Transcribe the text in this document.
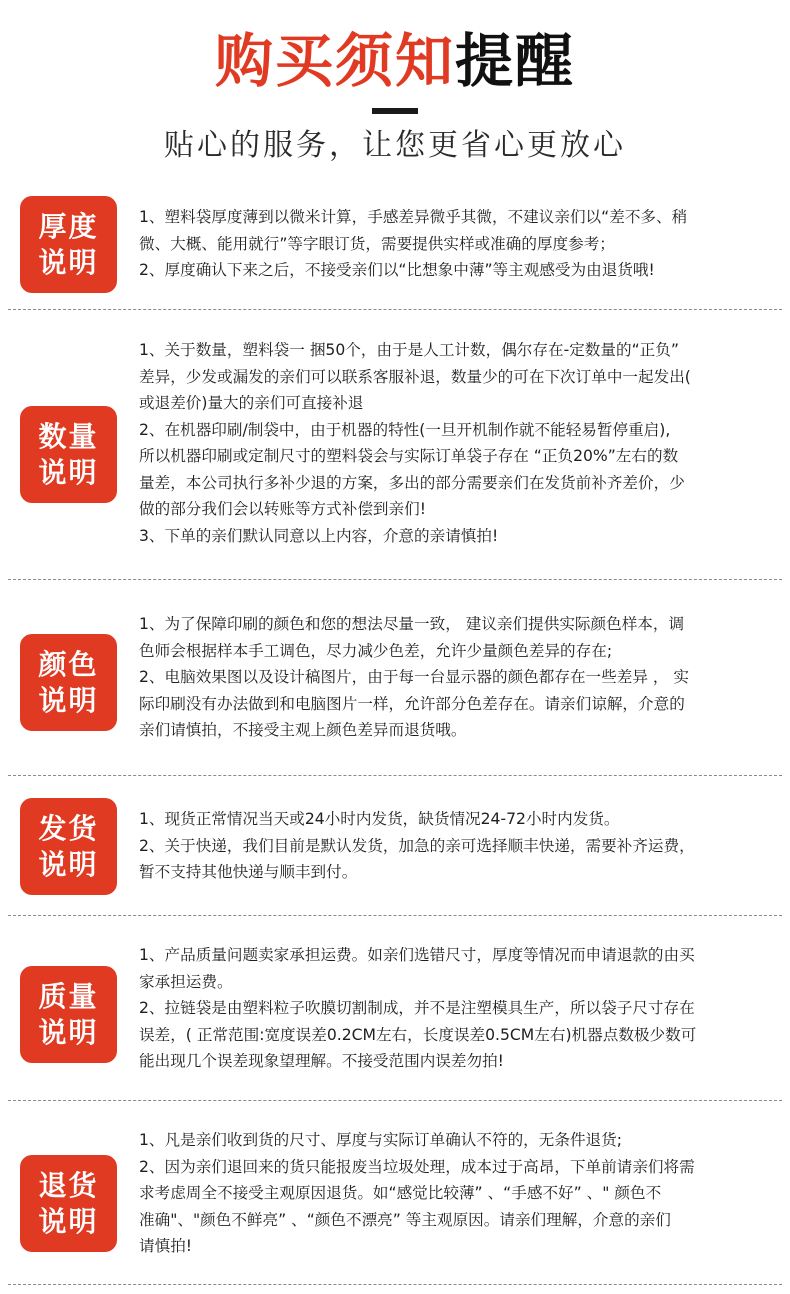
购买须知提醒
贴心的服务，让您更省心更放心
厚度
说明
1、塑料袋厚度薄到以微米计算，手感差异微乎其微，不建议亲们以“差不多、稍
微、大概、能用就行”等字眼订货，需要提供实样或准确的厚度参考；
2、厚度确认下来之后，不接受亲们以“比想象中薄”等主观感受为由退货哦!
数量
说明
1、关于数量，塑料袋一 捆50个，由于是人工计数，偶尔存在-定数量的“正负”
差异，少发或漏发的亲们可以联系客服补退，数量少的可在下次订单中一起发出(
或退差价)量大的亲们可直接补退
2、在机器印刷/制袋中，由于机器的特性(一旦开机制作就不能轻易暂停重启),
所以机器印刷或定制尺寸的塑料袋会与实际订单袋子存在 “正负20%”左右的数
量差，本公司执行多补少退的方案，多出的部分需要亲们在发货前补齐差价，少
做的部分我们会以转账等方式补偿到亲们!
3、下单的亲们默认同意以上内容，介意的亲请慎拍!
颜色
说明
1、为了保障印刷的颜色和您的想法尽量一致， 建议亲们提供实际颜色样本，调
色师会根据样本手工调色，尽力减少色差，允许少量颜色差异的存在;
2、电脑效果图以及设计稿图片，由于每一台显示器的颜色都存在一些差异 ， 实
际印刷没有办法做到和电脑图片一样，允许部分色差存在。请亲们谅解，介意的
亲们请慎拍，不接受主观上颜色差异而退货哦。
发货
说明
1、现货正常情况当天或24小时内发货，缺货情况24-72小时内发货。
2、关于快递，我们目前是默认发货，加急的亲可选择顺丰快递，需要补齐运费，
暂不支持其他快递与顺丰到付。
质量
说明
1、产品质量问题卖家承担运费。如亲们选错尺寸，厚度等情况而申请退款的由买
家承担运费。
2、拉链袋是由塑料粒子吹膜切割制成，并不是注塑模具生产，所以袋子尺寸存在
误差，( 正常范围:宽度误差0.2CM左右，长度误差0.5CM左右)机器点数极少数可
能出现几个误差现象望理解。不接受范围内误差勿拍!
退货
说明
1、凡是亲们收到货的尺寸、厚度与实际订单确认不符的，无条件退货;
2、因为亲们退回来的货只能报废当垃圾处理，成本过于高昂，下单前请亲们将需
求考虑周全不接受主观原因退货。如“感觉比较薄” 、“手感不好” 、" 颜色不
准确"、"颜色不鲜亮” 、“颜色不漂亮” 等主观原因。请亲们理解，介意的亲们
请慎拍!
